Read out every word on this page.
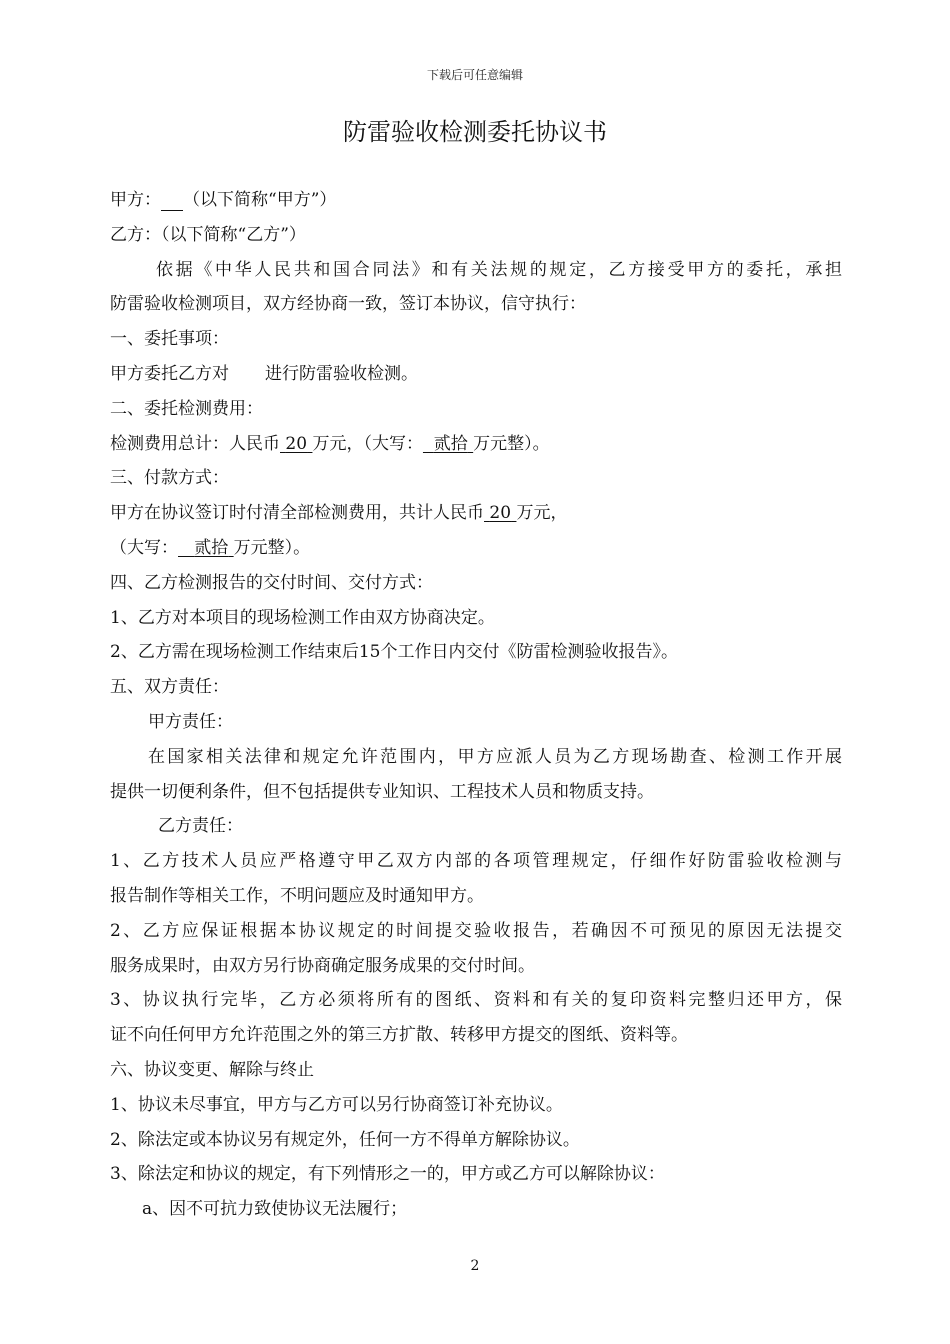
下载后可任意编辑
防雷验收检测委托协议书
甲方： （以下简称“甲方”）
乙方：（以下简称“乙方”）
依据《中华人民共和国合同法》和有关法规的规定，乙方接受甲方的委托，承担
防雷验收检测项目，双方经协商一致，签订本协议，信守执行：
一、委托事项：
甲方委托乙方对 进行防雷验收检测。
二、委托检测费用：
检测费用总计：人民币 20 万元，（大写： 贰拾 万元整）。
三、付款方式：
甲方在协议签订时付清全部检测费用，共计人民币 20 万元，
（大写： 贰拾 万元整）。
四、乙方检测报告的交付时间、交付方式：
1、乙方对本项目的现场检测工作由双方协商决定。
2、乙方需在现场检测工作结束后15个工作日内交付《防雷检测验收报告》。
五、双方责任：
甲方责任：
在国家相关法律和规定允许范围内，甲方应派人员为乙方现场勘查、检测工作开展
提供一切便利条件，但不包括提供专业知识、工程技术人员和物质支持。
乙方责任：
1、乙方技术人员应严格遵守甲乙双方内部的各项管理规定，仔细作好防雷验收检测与
报告制作等相关工作，不明问题应及时通知甲方。
2、乙方应保证根据本协议规定的时间提交验收报告，若确因不可预见的原因无法提交
服务成果时，由双方另行协商确定服务成果的交付时间。
3、协议执行完毕，乙方必须将所有的图纸、资料和有关的复印资料完整归还甲方，保
证不向任何甲方允许范围之外的第三方扩散、转移甲方提交的图纸、资料等。
六、协议变更、解除与终止
1、协议未尽事宜，甲方与乙方可以另行协商签订补充协议。
2、除法定或本协议另有规定外，任何一方不得单方解除协议。
3、除法定和协议的规定，有下列情形之一的，甲方或乙方可以解除协议：
a、因不可抗力致使协议无法履行；
2
